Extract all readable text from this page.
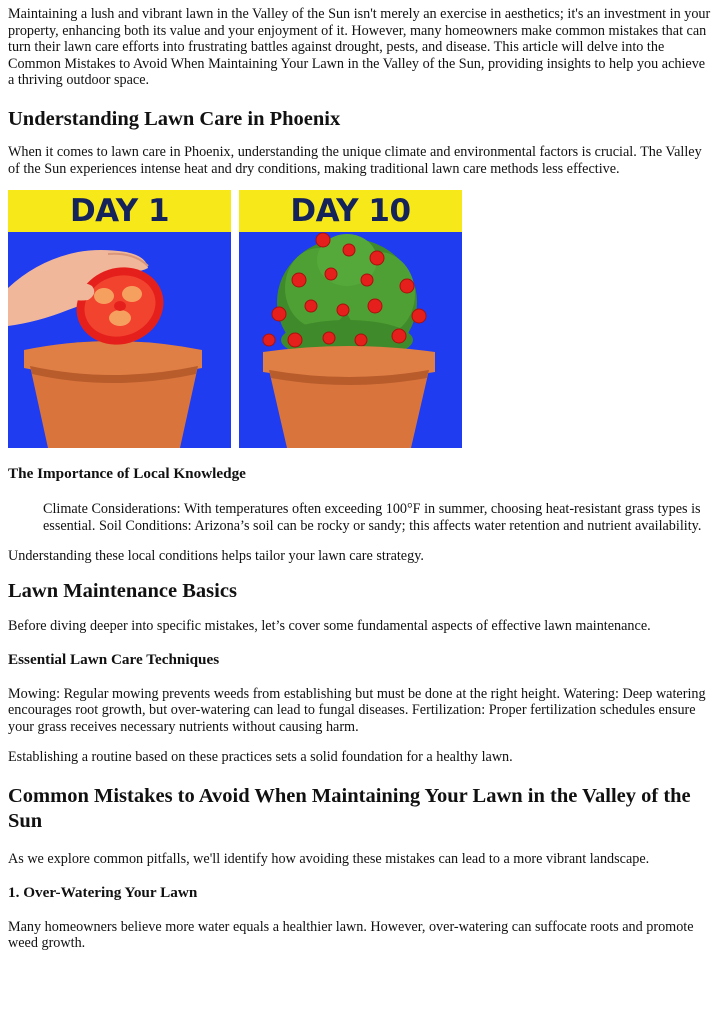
Maintaining a lush and vibrant lawn in the Valley of the Sun isn't merely an exercise in aesthetics; it's an investment in your property, enhancing both its value and your enjoyment of it. However, many homeowners make common mistakes that can turn their lawn care efforts into frustrating battles against drought, pests, and disease. This article will delve into the Common Mistakes to Avoid When Maintaining Your Lawn in the Valley of the Sun, providing insights to help you achieve a thriving outdoor space.

Understanding Lawn Care in Phoenix

When it comes to lawn care in Phoenix, understanding the unique climate and environmental factors is crucial. The Valley of the Sun experiences intense heat and dry conditions, making traditional lawn care methods less effective.

DAY 1	DAY 10
The Importance of Local Knowledge

Climate Considerations: With temperatures often exceeding 100°F in summer, choosing heat-resistant grass types is essential. Soil Conditions: Arizona’s soil can be rocky or sandy; this affects water retention and nutrient availability.

Understanding these local conditions helps tailor your lawn care strategy.

Lawn Maintenance Basics

Before diving deeper into specific mistakes, let’s cover some fundamental aspects of effective lawn maintenance.

Essential Lawn Care Techniques

Mowing: Regular mowing prevents weeds from establishing but must be done at the right height. Watering: Deep watering encourages root growth, but over-watering can lead to fungal diseases. Fertilization: Proper fertilization schedules ensure your grass receives necessary nutrients without causing harm.

Establishing a routine based on these practices sets a solid foundation for a healthy lawn.

Common Mistakes to Avoid When Maintaining Your Lawn in the Valley of the Sun

As we explore common pitfalls, we'll identify how avoiding these mistakes can lead to a more vibrant landscape.

1. Over-Watering Your Lawn

Many homeowners believe more water equals a healthier lawn. However, over-watering can suffocate roots and promote weed growth.
